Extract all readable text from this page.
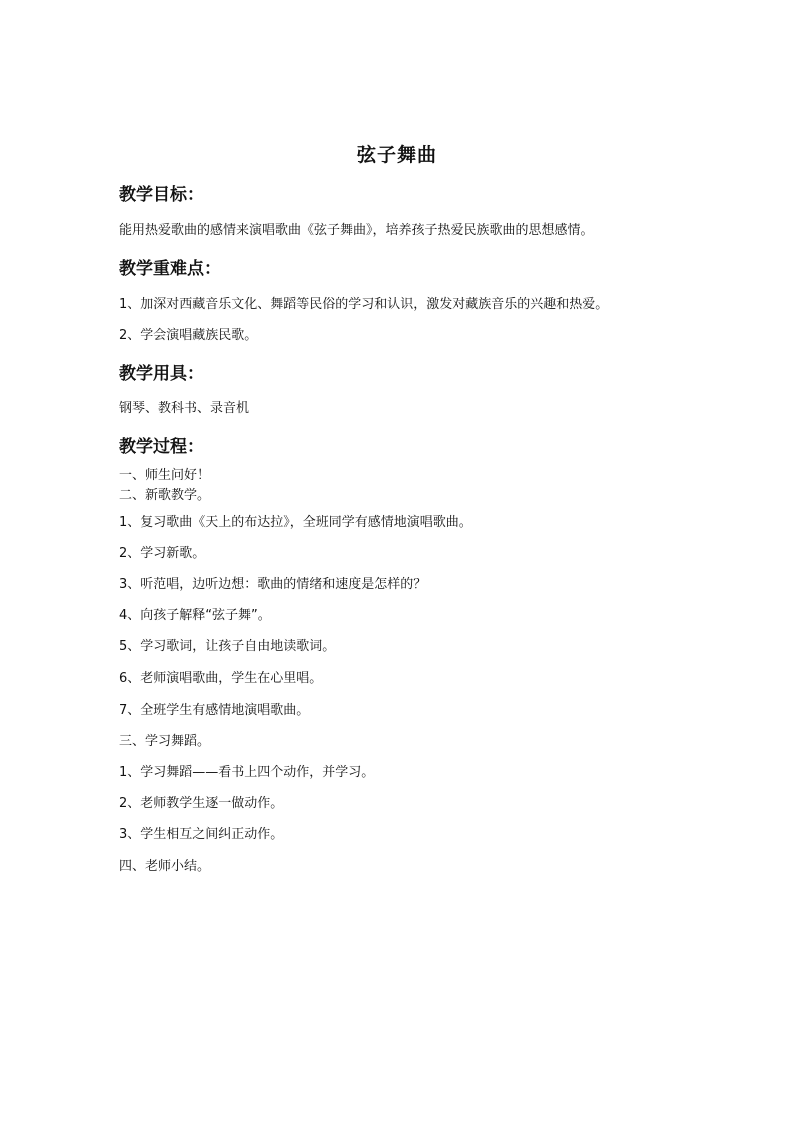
弦子舞曲
教学目标：
能用热爱歌曲的感情来演唱歌曲《弦子舞曲》，培养孩子热爱民族歌曲的思想感情。
教学重难点：
1、加深对西藏音乐文化、舞蹈等民俗的学习和认识，激发对藏族音乐的兴趣和热爱。
2、学会演唱藏族民歌。
教学用具：
钢琴、教科书、录音机
教学过程：
一、师生问好！
二、新歌教学。
1、复习歌曲《天上的布达拉》，全班同学有感情地演唱歌曲。
2、学习新歌。
3、听范唱，边听边想：歌曲的情绪和速度是怎样的？
4、向孩子解释“弦子舞”。
5、学习歌词，让孩子自由地读歌词。
6、老师演唱歌曲，学生在心里唱。
7、全班学生有感情地演唱歌曲。
三、学习舞蹈。
1、学习舞蹈——看书上四个动作，并学习。
2、老师教学生逐一做动作。
3、学生相互之间纠正动作。
四、老师小结。
